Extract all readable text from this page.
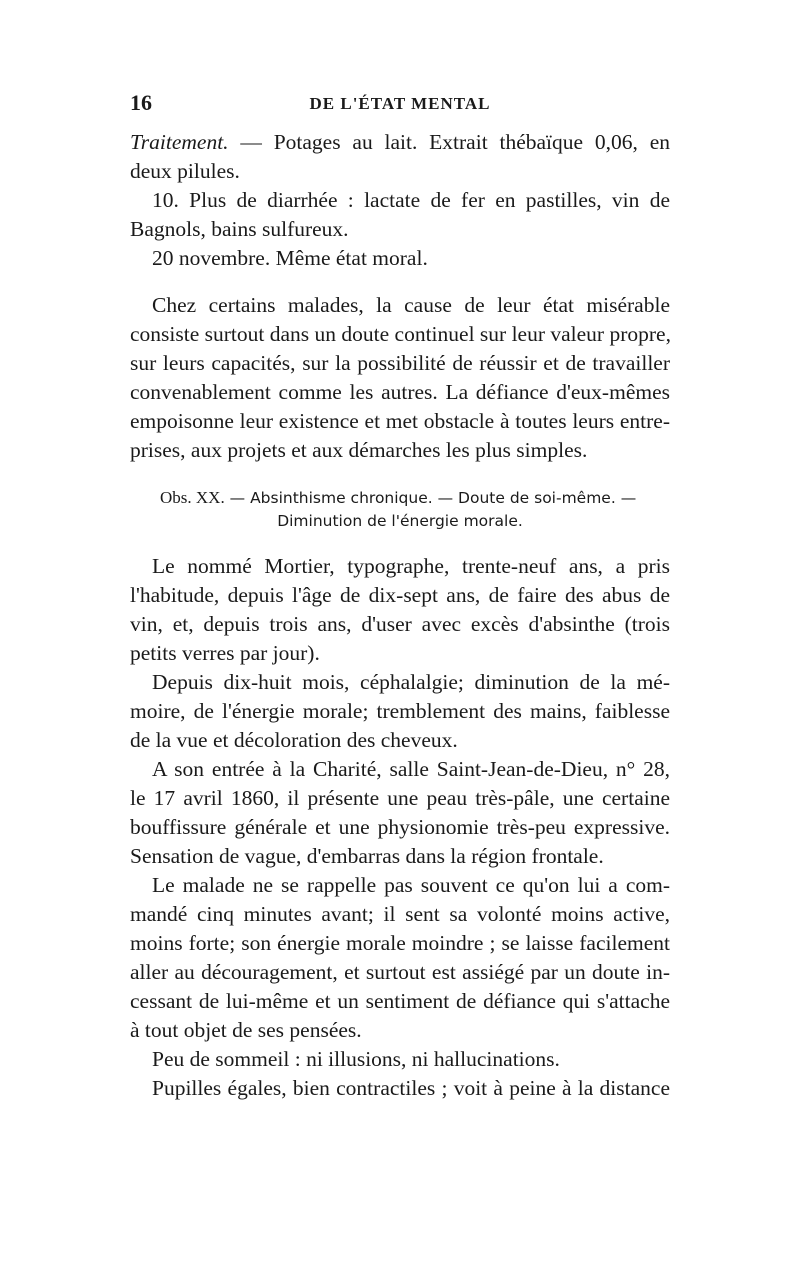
16	DE L'ÉTAT MENTAL
Traitement. — Potages au lait. Extrait thébaïque 0,06, en
deux pilules.
10. Plus de diarrhée : lactate de fer en pastilles, vin de
Bagnols, bains sulfureux.
20 novembre. Même état moral.
Chez certains malades, la cause de leur état misérable
consiste surtout dans un doute continuel sur leur valeur propre,
sur leurs capacités, sur la possibilité de réussir et de travailler
convenablement comme les autres. La défiance d'eux-mêmes
empoisonne leur existence et met obstacle à toutes leurs entre-
prises, aux projets et aux démarches les plus simples.
Obs. XX. — Absinthisme chronique. — Doute de soi-même. —
Diminution de l'énergie morale.
Le nommé Mortier, typographe, trente-neuf ans, a pris
l'habitude, depuis l'âge de dix-sept ans, de faire des abus de
vin, et, depuis trois ans, d'user avec excès d'absinthe (trois
petits verres par jour).
Depuis dix-huit mois, céphalalgie; diminution de la mé-
moire, de l'énergie morale; tremblement des mains, faiblesse
de la vue et décoloration des cheveux.
A son entrée à la Charité, salle Saint-Jean-de-Dieu, n° 28,
le 17 avril 1860, il présente une peau très-pâle, une certaine
bouffissure générale et une physionomie très-peu expressive.
Sensation de vague, d'embarras dans la région frontale.
Le malade ne se rappelle pas souvent ce qu'on lui a com-
mandé cinq minutes avant; il sent sa volonté moins active,
moins forte; son énergie morale moindre ; se laisse facilement
aller au découragement, et surtout est assiégé par un doute in-
cessant de lui-même et un sentiment de défiance qui s'attache
à tout objet de ses pensées.
Peu de sommeil : ni illusions, ni hallucinations.
Pupilles égales, bien contractiles ; voit à peine à la distance
